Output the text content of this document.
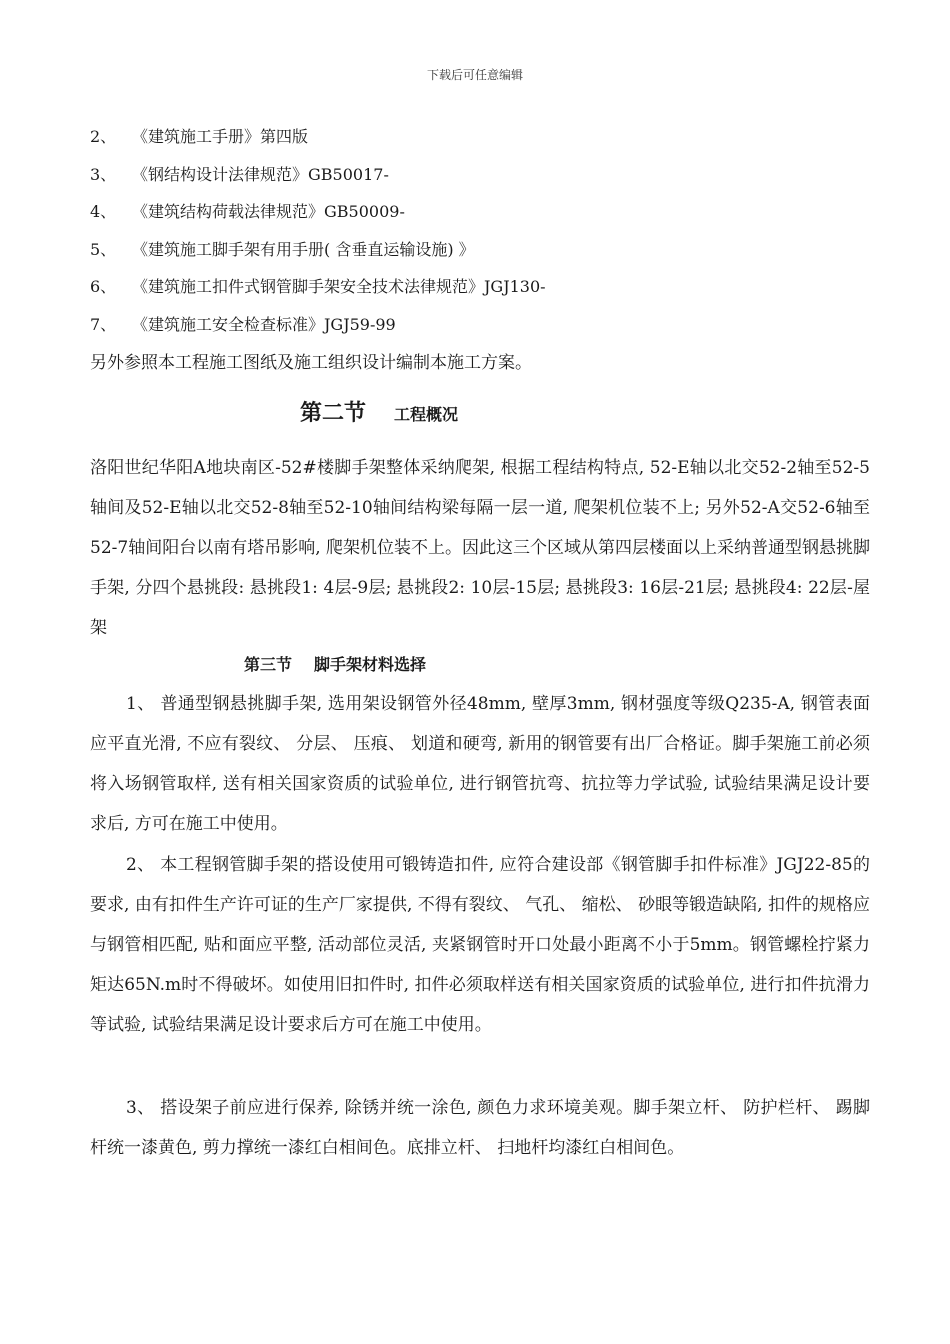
下载后可任意编辑
2、 《建筑施工手册》第四版
3、 《钢结构设计法律规范》GB50017-
4、 《建筑结构荷载法律规范》GB50009-
5、 《建筑施工脚手架有用手册( 含垂直运输设施) 》
6、 《建筑施工扣件式钢管脚手架安全技术法律规范》JGJ130-
7、 《建筑施工安全检查标准》JGJ59-99
另外参照本工程施工图纸及施工组织设计编制本施工方案。
第二节 工程概况

洛阳世纪华阳A地块南区-52#楼脚手架整体采纳爬架, 根据工程结构特点, 52-E轴以北交52-2轴至52-5轴间及52-E轴以北交52-8轴至52-10轴间结构梁每隔一层一道, 爬架机位装不上; 另外52-A交52-6轴至52-7轴间阳台以南有塔吊影响, 爬架机位装不上。因此这三个区域从第四层楼面以上采纳普通型钢悬挑脚手架, 分四个悬挑段: 悬挑段1: 4层-9层; 悬挑段2: 10层-15层; 悬挑段3: 16层-21层; 悬挑段4: 22层-屋架

第三节 脚手架材料选择

1、 普通型钢悬挑脚手架, 选用架设钢管外径48mm, 壁厚3mm, 钢材强度等级Q235-A, 钢管表面应平直光滑, 不应有裂纹、 分层、 压痕、 划道和硬弯, 新用的钢管要有出厂合格证。脚手架施工前必须将入场钢管取样, 送有相关国家资质的试验单位, 进行钢管抗弯、抗拉等力学试验, 试验结果满足设计要求后, 方可在施工中使用。

2、 本工程钢管脚手架的搭设使用可锻铸造扣件, 应符合建设部《钢管脚手扣件标准》JGJ22-85的要求, 由有扣件生产许可证的生产厂家提供, 不得有裂纹、 气孔、 缩松、 砂眼等锻造缺陷, 扣件的规格应与钢管相匹配, 贴和面应平整, 活动部位灵活, 夹紧钢管时开口处最小距离不小于5mm。钢管螺栓拧紧力矩达65N.m时不得破坏。如使用旧扣件时, 扣件必须取样送有相关国家资质的试验单位, 进行扣件抗滑力等试验, 试验结果满足设计要求后方可在施工中使用。

3、 搭设架子前应进行保养, 除锈并统一涂色, 颜色力求环境美观。脚手架立杆、 防护栏杆、 踢脚杆统一漆黄色, 剪力撑统一漆红白相间色。底排立杆、 扫地杆均漆红白相间色。
